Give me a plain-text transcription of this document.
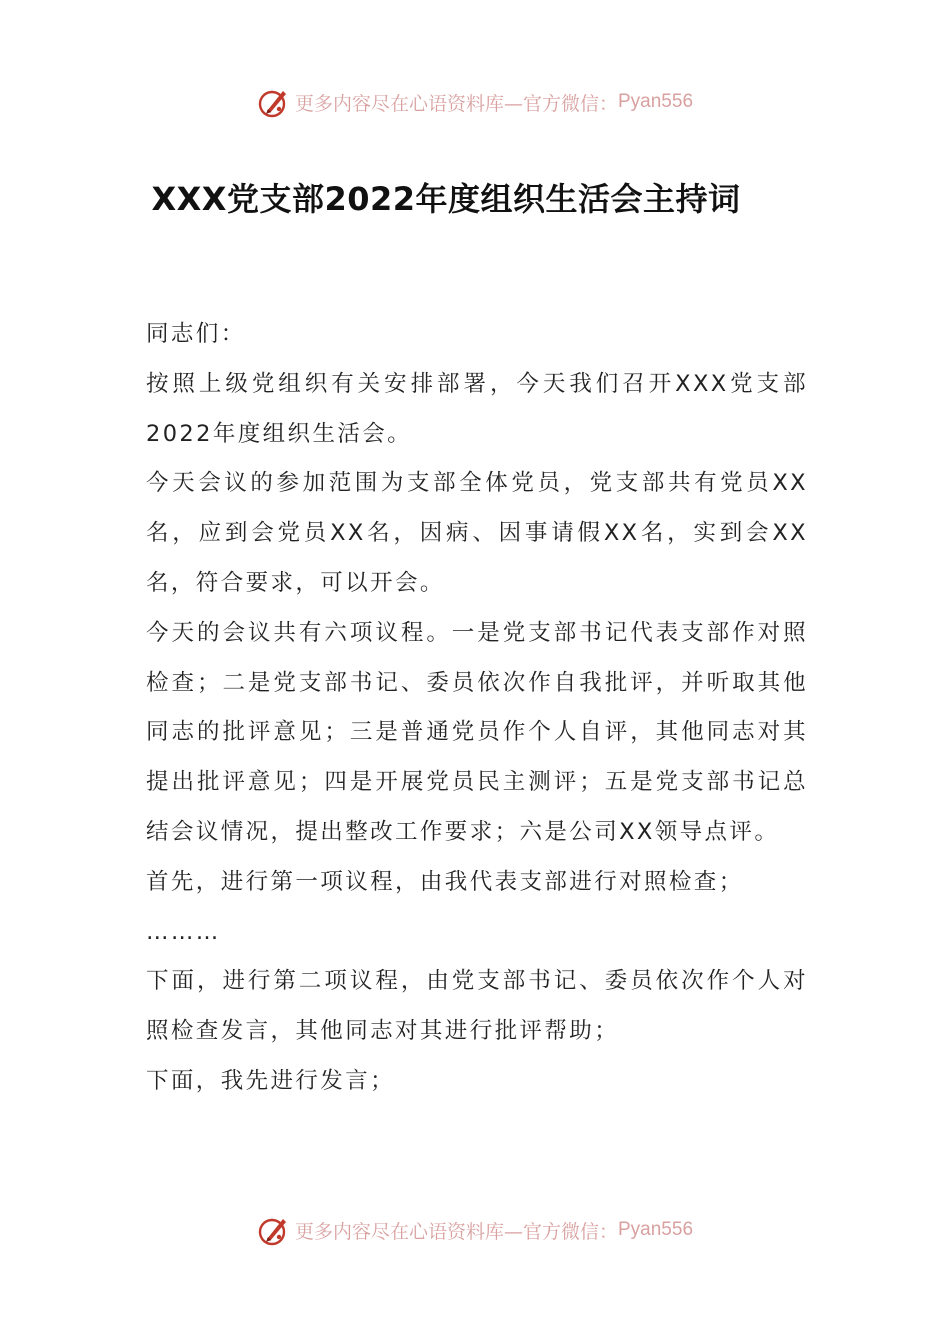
更多内容尽在心语资料库—官方微信： Pyan556
XXX党支部2022年度组织生活会主持词

同志们：

按照上级党组织有关安排部署，今天我们召开XXX党支部2022年度组织生活会。

今天会议的参加范围为支部全体党员，党支部共有党员XX名，应到会党员XX名，因病、因事请假XX名，实到会XX名，符合要求，可以开会。

今天的会议共有六项议程。一是党支部书记代表支部作对照检查；二是党支部书记、委员依次作自我批评，并听取其他同志的批评意见；三是普通党员作个人自评，其他同志对其提出批评意见；四是开展党员民主测评；五是党支部书记总结会议情况，提出整改工作要求；六是公司XX领导点评。

首先，进行第一项议程，由我代表支部进行对照检查；

………

下面，进行第二项议程，由党支部书记、委员依次作个人对照检查发言，其他同志对其进行批评帮助；

下面，我先进行发言；

更多内容尽在心语资料库—官方微信： Pyan556
